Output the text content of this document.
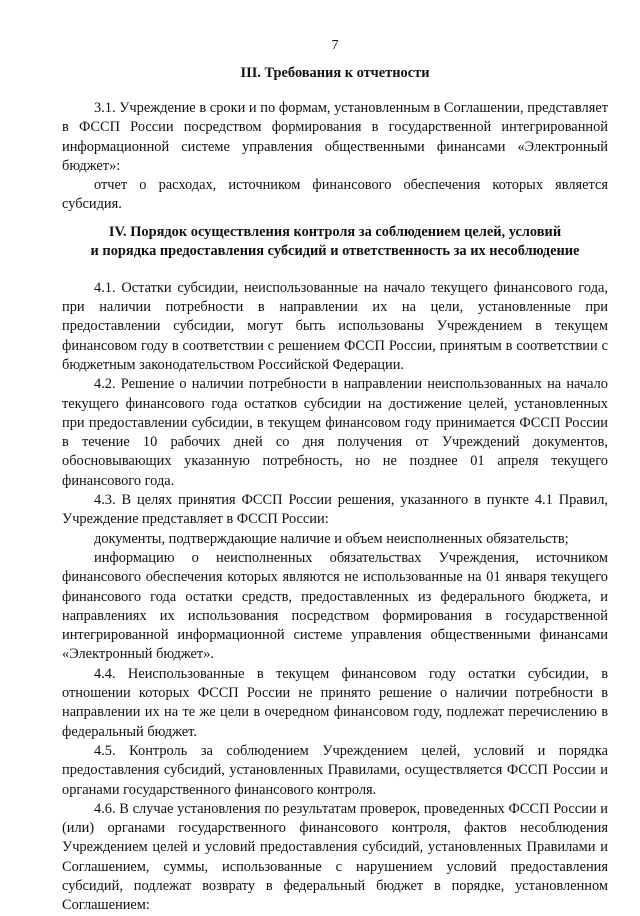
7
III. Требования к отчетности

3.1. Учреждение в сроки и по формам, установленным в Соглашении, представляет в ФССП России посредством формирования в государственной интегрированной информационной системе управления общественными финансами «Электронный бюджет»:

отчет о расходах, источником финансового обеспечения которых является субсидия.

IV. Порядок осуществления контроля за соблюдением целей, условий
и порядка предоставления субсидий и ответственность за их несоблюдение

4.1. Остатки субсидии, неиспользованные на начало текущего финансового года, при наличии потребности в направлении их на цели, установленные при предоставлении субсидии, могут быть использованы Учреждением в текущем финансовом году в соответствии с решением ФССП России, принятым в соответствии с бюджетным законодательством Российской Федерации.

4.2. Решение о наличии потребности в направлении неиспользованных на начало текущего финансового года остатков субсидии на достижение целей, установленных при предоставлении субсидии, в текущем финансовом году принимается ФССП России в течение 10 рабочих дней со дня получения от Учреждений документов, обосновывающих указанную потребность, но не позднее 01 апреля текущего финансового года.

4.3. В целях принятия ФССП России решения, указанного в пункте 4.1 Правил, Учреждение представляет в ФССП России:

документы, подтверждающие наличие и объем неисполненных обязательств;

информацию о неисполненных обязательствах Учреждения, источником финансового обеспечения которых являются не использованные на 01 января текущего финансового года остатки средств, предоставленных из федерального бюджета, и направлениях их использования посредством формирования в государственной интегрированной информационной системе управления общественными финансами «Электронный бюджет».

4.4. Неиспользованные в текущем финансовом году остатки субсидии, в отношении которых ФССП России не принято решение о наличии потребности в направлении их на те же цели в очередном финансовом году, подлежат перечислению в федеральный бюджет.

4.5. Контроль за соблюдением Учреждением целей, условий и порядка предоставления субсидий, установленных Правилами, осуществляется ФССП России и органами государственного финансового контроля.

4.6. В случае установления по результатам проверок, проведенных ФССП России и (или) органами государственного финансового контроля, фактов несоблюдения Учреждением целей и условий предоставления субсидий, установленных Правилами и Соглашением, суммы, использованные с нарушением условий предоставления субсидий, подлежат возврату в федеральный бюджет в порядке, установленном Соглашением:
